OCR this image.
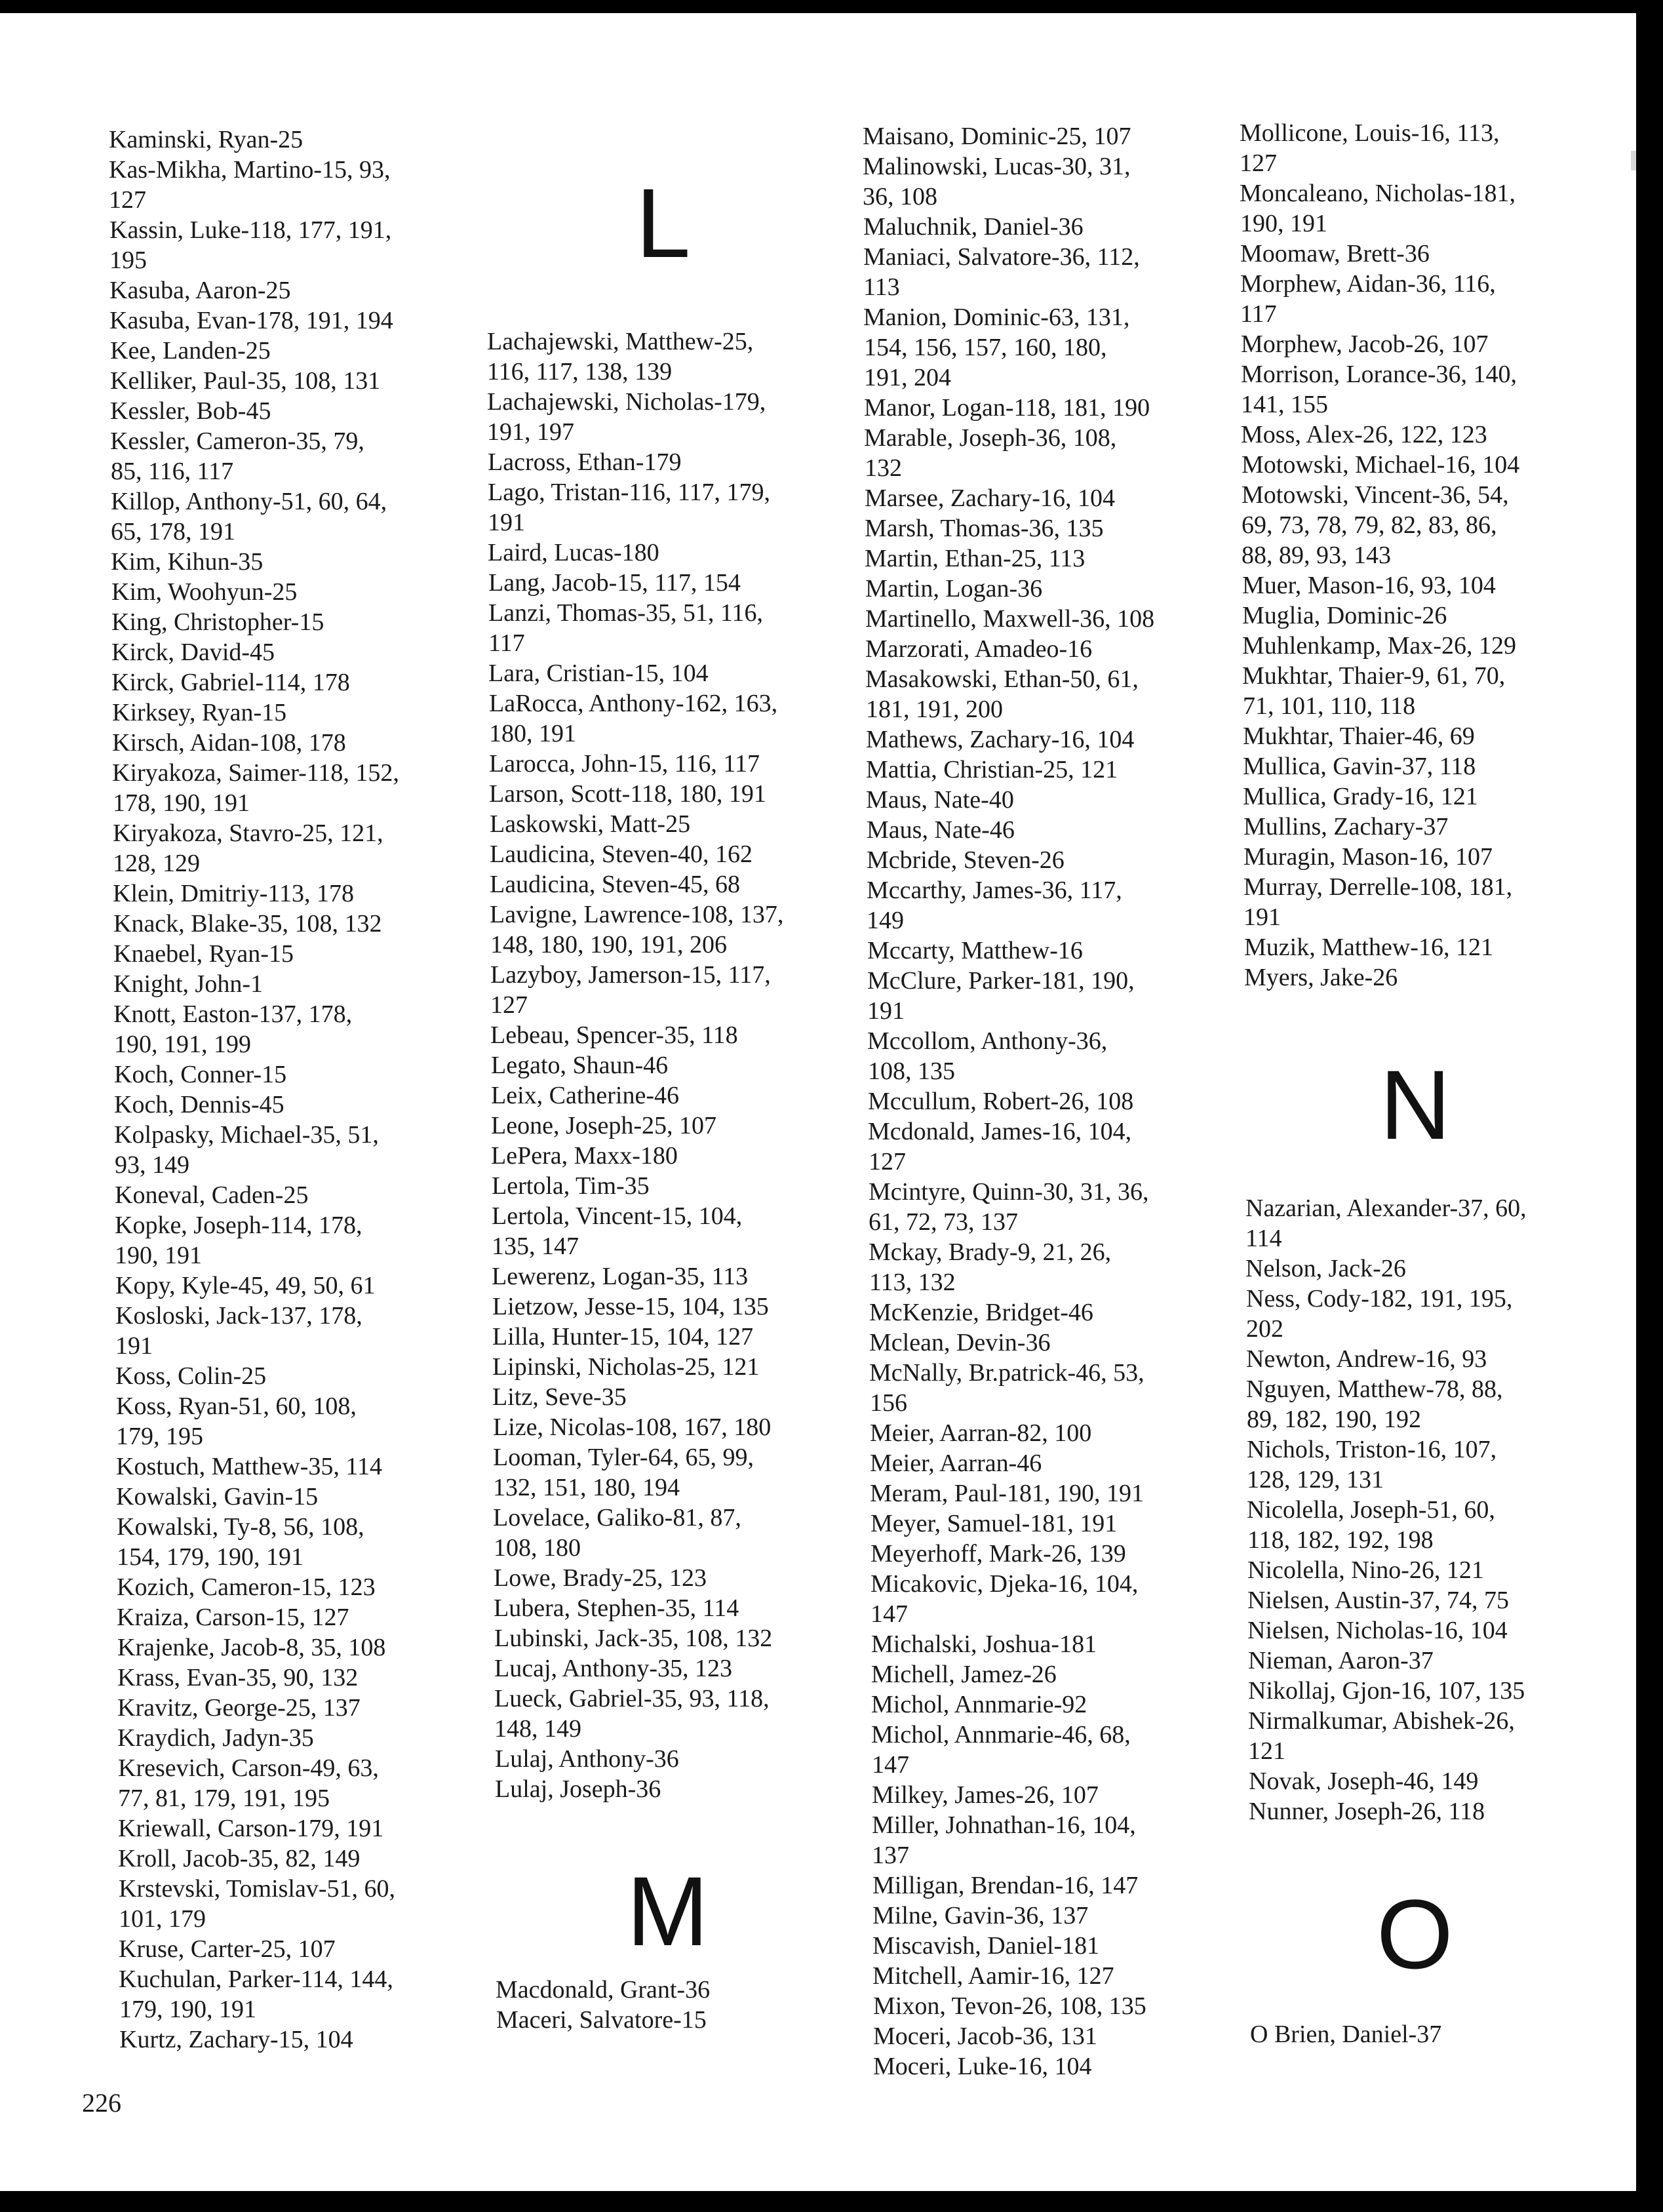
Kaminski, Ryan-25

Kas-Mikha, Martino-15, 93,

127

Kassin, Luke-118, 177, 191,

195

Kasuba, Aaron-25

Kasuba, Evan-178, 191, 194

Kee, Landen-25

Kelliker, Paul-35, 108, 131

Kessler, Bob-45

Kessler, Cameron-35, 79,

85, 116, 117

Killop, Anthony-51, 60, 64,

65, 178, 191

Kim, Kihun-35

Kim, Woohyun-25

King, Christopher-15

Kirck, David-45

Kirck, Gabriel-114, 178

Kirksey, Ryan-15

Kirsch, Aidan-108, 178

Kiryakoza, Saimer-118, 152,

178, 190, 191

Kiryakoza, Stavro-25, 121,

128, 129

Klein, Dmitriy-113, 178

Knack, Blake-35, 108, 132

Knaebel, Ryan-15

Knight, John-1

Knott, Easton-137, 178,

190, 191, 199

Koch, Conner-15

Koch, Dennis-45

Kolpasky, Michael-35, 51,

93, 149

Koneval, Caden-25

Kopke, Joseph-114, 178,

190, 191

Kopy, Kyle-45, 49, 50, 61

Kosloski, Jack-137, 178,

191

Koss, Colin-25

Koss, Ryan-51, 60, 108,

179, 195

Kostuch, Matthew-35, 114

Kowalski, Gavin-15

Kowalski, Ty-8, 56, 108,

154, 179, 190, 191

Kozich, Cameron-15, 123

Kraiza, Carson-15, 127

Krajenke, Jacob-8, 35, 108

Krass, Evan-35, 90, 132

Kravitz, George-25, 137

Kraydich, Jadyn-35

Kresevich, Carson-49, 63,

77, 81, 179, 191, 195

Kriewall, Carson-179, 191

Kroll, Jacob-35, 82, 149

Krstevski, Tomislav-51, 60,

101, 179

Kruse, Carter-25, 107

Kuchulan, Parker-114, 144,

179, 190, 191

Kurtz, Zachary-15, 104

L
M

Lachajewski, Matthew-25,

116, 117, 138, 139

Lachajewski, Nicholas-179,

191, 197

Lacross, Ethan-179

Lago, Tristan-116, 117, 179,

191

Laird, Lucas-180

Lang, Jacob-15, 117, 154

Lanzi, Thomas-35, 51, 116,

117

Lara, Cristian-15, 104

LaRocca, Anthony-162, 163,

180, 191

Larocca, John-15, 116, 117

Larson, Scott-118, 180, 191

Laskowski, Matt-25

Laudicina, Steven-40, 162

Laudicina, Steven-45, 68

Lavigne, Lawrence-108, 137,

148, 180, 190, 191, 206

Lazyboy, Jamerson-15, 117,

127

Lebeau, Spencer-35, 118

Legato, Shaun-46

Leix, Catherine-46

Leone, Joseph-25, 107

LePera, Maxx-180

Lertola, Tim-35

Lertola, Vincent-15, 104,

135, 147

Lewerenz, Logan-35, 113

Lietzow, Jesse-15, 104, 135

Lilla, Hunter-15, 104, 127

Lipinski, Nicholas-25, 121

Litz, Seve-35

Lize, Nicolas-108, 167, 180

Looman, Tyler-64, 65, 99,

132, 151, 180, 194

Lovelace, Galiko-81, 87,

108, 180

Lowe, Brady-25, 123

Lubera, Stephen-35, 114

Lubinski, Jack-35, 108, 132

Lucaj, Anthony-35, 123

Lueck, Gabriel-35, 93, 118,

148, 149

Lulaj, Anthony-36

Lulaj, Joseph-36

Macdonald, Grant-36

Maceri, Salvatore-15

Maisano, Dominic-25, 107

Malinowski, Lucas-30, 31,

36, 108

Maluchnik, Daniel-36

Maniaci, Salvatore-36, 112,

113

Manion, Dominic-63, 131,

154, 156, 157, 160, 180,

191, 204

Manor, Logan-118, 181, 190

Marable, Joseph-36, 108,

132

Marsee, Zachary-16, 104

Marsh, Thomas-36, 135

Martin, Ethan-25, 113

Martin, Logan-36

Martinello, Maxwell-36, 108

Marzorati, Amadeo-16

Masakowski, Ethan-50, 61,

181, 191, 200

Mathews, Zachary-16, 104

Mattia, Christian-25, 121

Maus, Nate-40

Maus, Nate-46

Mcbride, Steven-26

Mccarthy, James-36, 117,

149

Mccarty, Matthew-16

McClure, Parker-181, 190,

191

Mccollom, Anthony-36,

108, 135

Mccullum, Robert-26, 108

Mcdonald, James-16, 104,

127

Mcintyre, Quinn-30, 31, 36,

61, 72, 73, 137

Mckay, Brady-9, 21, 26,

113, 132

McKenzie, Bridget-46

Mclean, Devin-36

McNally, Br.patrick-46, 53,

156

Meier, Aarran-82, 100

Meier, Aarran-46

Meram, Paul-181, 190, 191

Meyer, Samuel-181, 191

Meyerhoff, Mark-26, 139

Micakovic, Djeka-16, 104,

147

Michalski, Joshua-181

Michell, Jamez-26

Michol, Annmarie-92

Michol, Annmarie-46, 68,

147

Milkey, James-26, 107

Miller, Johnathan-16, 104,

137

Milligan, Brendan-16, 147

Milne, Gavin-36, 137

Miscavish, Daniel-181

Mitchell, Aamir-16, 127

Mixon, Tevon-26, 108, 135

Moceri, Jacob-36, 131

Moceri, Luke-16, 104

N
O

Mollicone, Louis-16, 113,

127

Moncaleano, Nicholas-181,

190, 191

Moomaw, Brett-36

Morphew, Aidan-36, 116,

117

Morphew, Jacob-26, 107

Morrison, Lorance-36, 140,

141, 155

Moss, Alex-26, 122, 123

Motowski, Michael-16, 104

Motowski, Vincent-36, 54,

69, 73, 78, 79, 82, 83, 86,

88, 89, 93, 143

Muer, Mason-16, 93, 104

Muglia, Dominic-26

Muhlenkamp, Max-26, 129

Mukhtar, Thaier-9, 61, 70,

71, 101, 110, 118

Mukhtar, Thaier-46, 69

Mullica, Gavin-37, 118

Mullica, Grady-16, 121

Mullins, Zachary-37

Muragin, Mason-16, 107

Murray, Derrelle-108, 181,

191

Muzik, Matthew-16, 121

Myers, Jake-26

Nazarian, Alexander-37, 60,

114

Nelson, Jack-26

Ness, Cody-182, 191, 195,

202

Newton, Andrew-16, 93

Nguyen, Matthew-78, 88,

89, 182, 190, 192

Nichols, Triston-16, 107,

128, 129, 131

Nicolella, Joseph-51, 60,

118, 182, 192, 198

Nicolella, Nino-26, 121

Nielsen, Austin-37, 74, 75

Nielsen, Nicholas-16, 104

Nieman, Aaron-37

Nikollaj, Gjon-16, 107, 135

Nirmalkumar, Abishek-26,

121

Novak, Joseph-46, 149

Nunner, Joseph-26, 118

O Brien, Daniel-37

226
